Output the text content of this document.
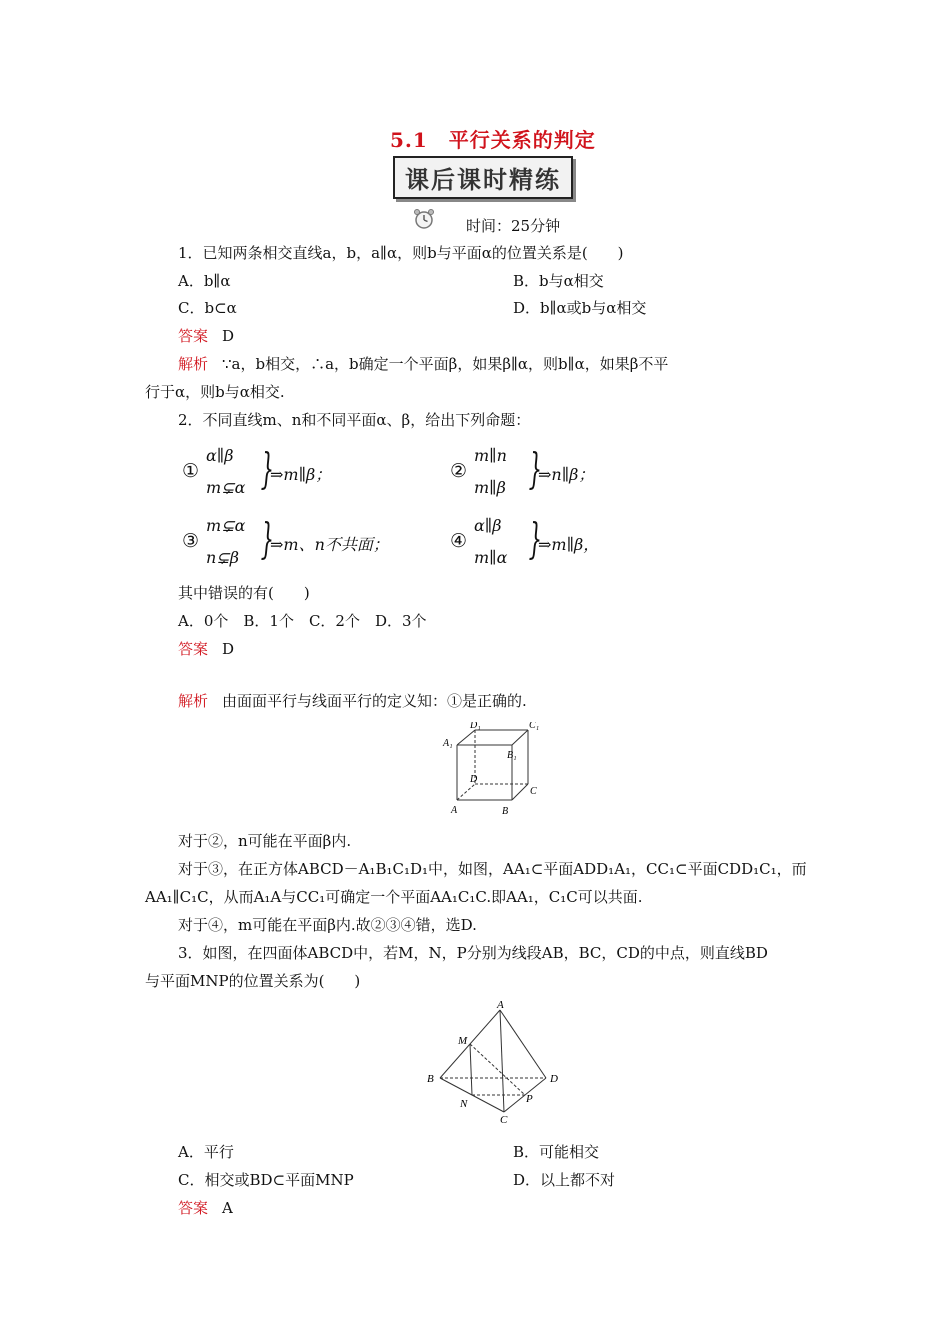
5.1　平行关系的判定
课后课时精练
时间：25分钟
1．已知两条相交直线a，b，a∥α，则b与平面α的位置关系是(　　)
A．b∥α	B．b与α相交
C．b⊂α	D．b∥α或b与α相交
答案 D
解析 ∵a，b相交，∴a，b确定一个平面β，如果β∥α，则b∥α，如果β不平
行于α，则b与α相交.
2．不同直线m、n和不同平面α、β，给出下列命题：
①
α∥β
m⊊α }
⇒m∥β；	②
m∥n
m∥β }
⇒n∥β；
③
m⊊α
n⊊β }
⇒m、n不共面；	④
α∥β
m∥α }
⇒m∥β，
其中错误的有(　　)
A．0个　B．1个　C．2个　D．3个
答案 D
解析 由面面平行与线面平行的定义知：①是正确的.
D₁	C₁
A₁
B₁
D
C
A	B
对于②，n可能在平面β内.
对于③，在正方体ABCD－A₁B₁C₁D₁中，如图，AA₁⊂平面ADD₁A₁，CC₁⊂平面CDD₁C₁，而
AA₁∥C₁C，从而A₁A与CC₁可确定一个平面AA₁C₁C.即AA₁，C₁C可以共面.
对于④，m可能在平面β内.故②③④错，选D.
3．如图，在四面体ABCD中，若M，N，P分别为线段AB，BC，CD的中点，则直线BD
与平面MNP的位置关系为(　　)
A
M
B	D
N	P
C
A．平行	B．可能相交
C．相交或BD⊂平面MNP	D．以上都不对
答案 A
